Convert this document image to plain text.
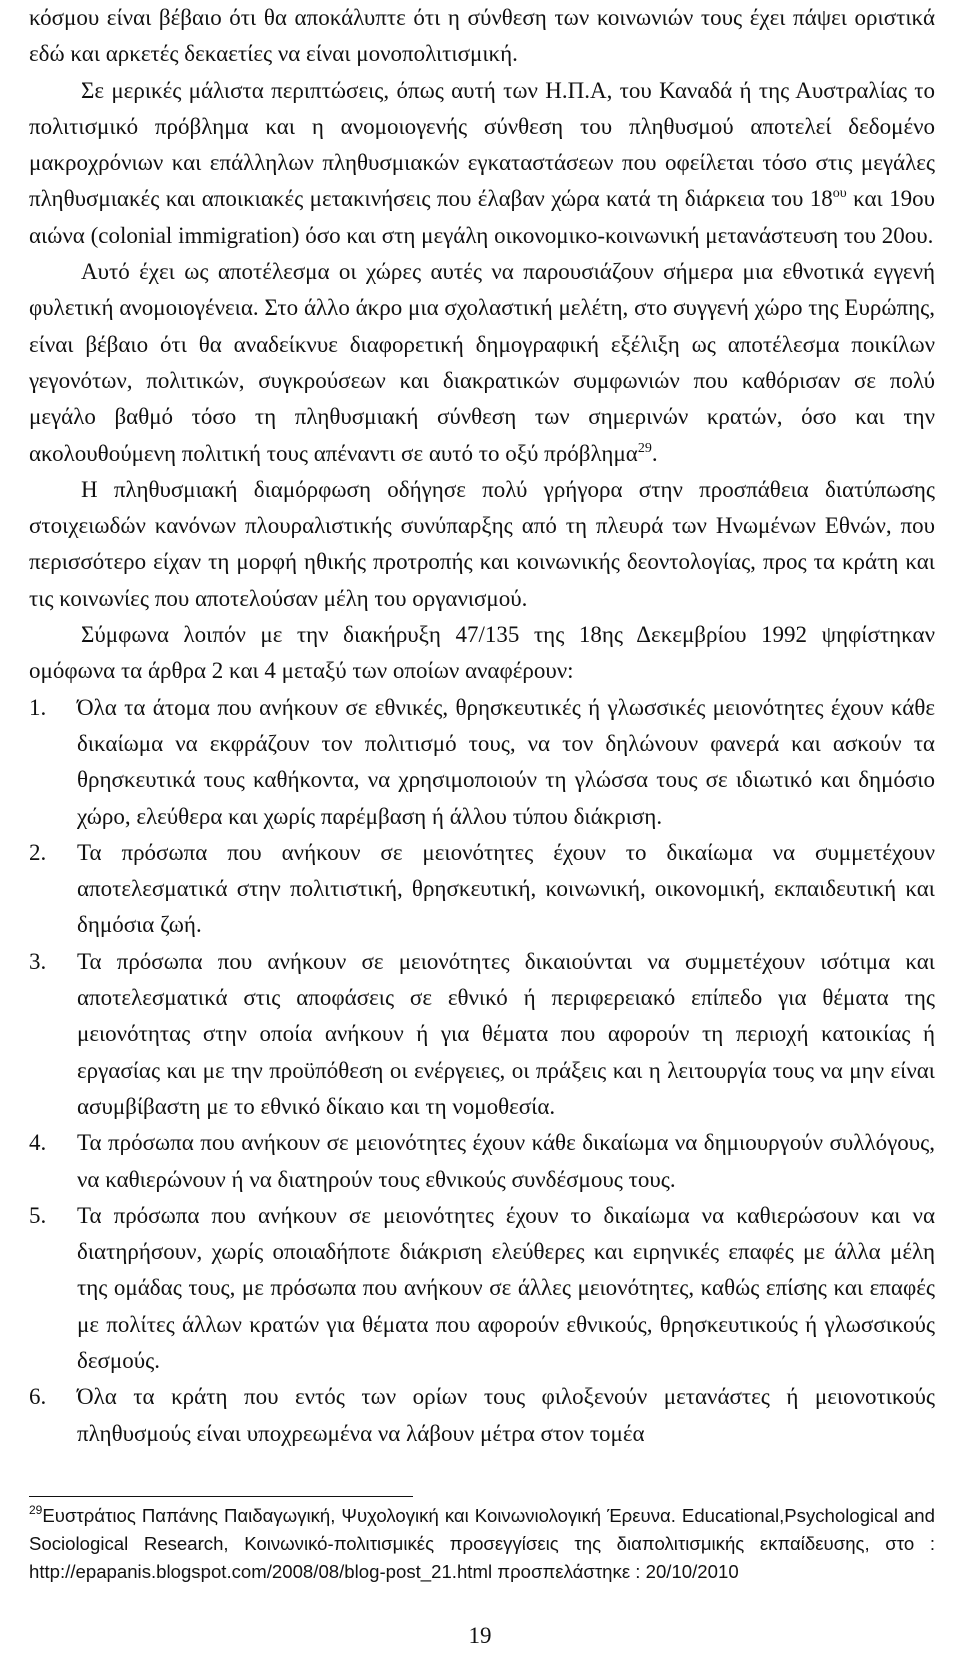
κόσμου είναι βέβαιο ότι θα αποκάλυπτε ότι η σύνθεση των κοινωνιών τους έχει πάψει οριστικά εδώ και αρκετές δεκαετίες να είναι μονοπολιτισμική.

Σε μερικές μάλιστα περιπτώσεις, όπως αυτή των Η.Π.Α, του Καναδά ή της Αυστραλίας το πολιτισμικό πρόβλημα και η ανομοιογενής σύνθεση του πληθυσμού αποτελεί δεδομένο μακροχρόνιων και επάλληλων πληθυσμιακών εγκαταστάσεων που οφείλεται τόσο στις μεγάλες πληθυσμιακές και αποικιακές μετακινήσεις που έλαβαν χώρα κατά τη διάρκεια του $18^{o\upsilon}$ και 19ου αιώνα (colonial immigration) όσο και στη μεγάλη οικονομικο-κοινωνική μετανάστευση του 20ου.

Αυτό έχει ως αποτέλεσμα οι χώρες αυτές να παρουσιάζουν σήμερα μια εθνοτικά εγγενή φυλετική ανομοιογένεια. Στο άλλο άκρο μια σχολαστική μελέτη, στο συγγενή χώρο της Ευρώπης, είναι βέβαιο ότι θα αναδείκνυε διαφορετική δημογραφική εξέλιξη ως αποτέλεσμα ποικίλων γεγονότων, πολιτικών, συγκρούσεων και διακρατικών συμφωνιών που καθόρισαν σε πολύ μεγάλο βαθμό τόσο τη πληθυσμιακή σύνθεση των σημερινών κρατών, όσο και την ακολουθούμενη πολιτική τους απέναντι σε αυτό το οξύ πρόβλημα$^{29}$.

Η πληθυσμιακή διαμόρφωση οδήγησε πολύ γρήγορα στην προσπάθεια διατύπωσης στοιχειωδών κανόνων πλουραλιστικής συνύπαρξης από τη πλευρά των Ηνωμένων Εθνών, που περισσότερο είχαν τη μορφή ηθικής προτροπής και κοινωνικής δεοντολογίας, προς τα κράτη και τις κοινωνίες που αποτελούσαν μέλη του οργανισμού.

Σύμφωνα λοιπόν με την διακήρυξη 47/135 της 18ης Δεκεμβρίου 1992 ψηφίστηκαν ομόφωνα τα άρθρα 2 και 4 μεταξύ των οποίων αναφέρουν:

1. Όλα τα άτομα που ανήκουν σε εθνικές, θρησκευτικές ή γλωσσικές μειονότητες έχουν κάθε δικαίωμα να εκφράζουν τον πολιτισμό τους, να τον δηλώνουν φανερά και ασκούν τα θρησκευτικά τους καθήκοντα, να χρησιμοποιούν τη γλώσσα τους σε ιδιωτικό και δημόσιο χώρο, ελεύθερα και χωρίς παρέμβαση ή άλλου τύπου διάκριση.
2. Τα πρόσωπα που ανήκουν σε μειονότητες έχουν το δικαίωμα να συμμετέχουν αποτελεσματικά στην πολιτιστική, θρησκευτική, κοινωνική, οικονομική, εκπαιδευτική και δημόσια ζωή.
3. Τα πρόσωπα που ανήκουν σε μειονότητες δικαιούνται να συμμετέχουν ισότιμα και αποτελεσματικά στις αποφάσεις σε εθνικό ή περιφερειακό επίπεδο για θέματα της μειονότητας στην οποία ανήκουν ή για θέματα που αφορούν τη περιοχή κατοικίας ή εργασίας και με την προϋπόθεση οι ενέργειες, οι πράξεις και η λειτουργία τους να μην είναι ασυμβίβαστη με το εθνικό δίκαιο και τη νομοθεσία.
4. Τα πρόσωπα που ανήκουν σε μειονότητες έχουν κάθε δικαίωμα να δημιουργούν συλλόγους, να καθιερώνουν ή να διατηρούν τους εθνικούς συνδέσμους τους.
5. Τα πρόσωπα που ανήκουν σε μειονότητες έχουν το δικαίωμα να καθιερώσουν και να διατηρήσουν, χωρίς οποιαδήποτε διάκριση ελεύθερες και ειρηνικές επαφές με άλλα μέλη της ομάδας τους, με πρόσωπα που ανήκουν σε άλλες μειονότητες, καθώς επίσης και επαφές με πολίτες άλλων κρατών για θέματα που αφορούν εθνικούς, θρησκευτικούς ή γλωσσικούς δεσμούς.
6. Όλα τα κράτη που εντός των ορίων τους φιλοξενούν μετανάστες ή μειονοτικούς πληθυσμούς είναι υποχρεωμένα να λάβουν μέτρα στον τομέα

$^{29}$Ευστράτιος Παπάνης Παιδαγωγική, Ψυχολογική και Κοινωνιολογική Έρευνα. Educational,Psychological and Sociological Research, Κοινωνικό-πολιτισμικές προσεγγίσεις της διαπολιτισμικής εκπαίδευσης, στο : http://epapanis.blogspot.com/2008/08/blog-post_21.html προσπελάστηκε : 20/10/2010

19
